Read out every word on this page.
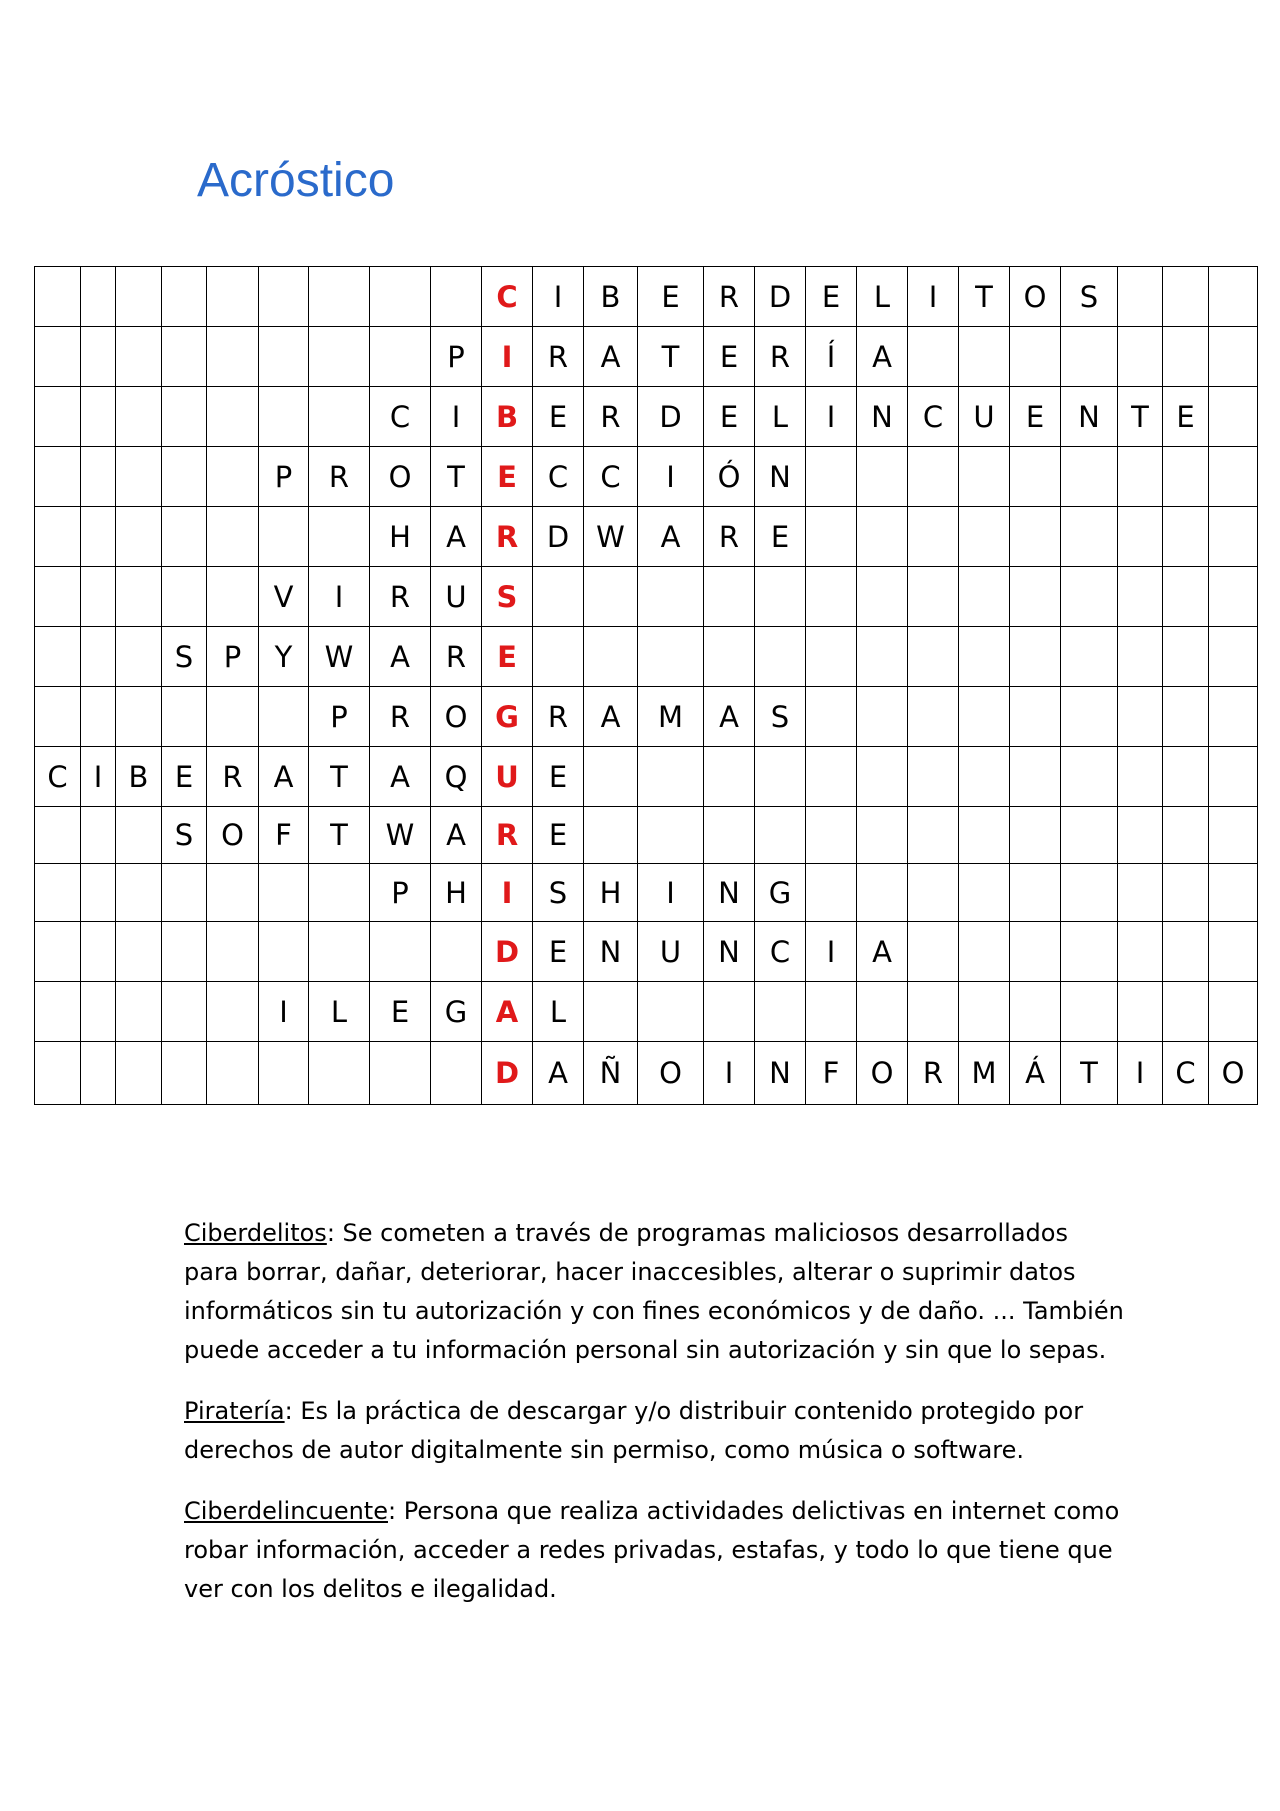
Acróstico
									C	I	B	E	R	D	E	L	I	T	O	S			
								P	I	R	A	T	E	R	Í	A							
							C	I	B	E	R	D	E	L	I	N	C	U	E	N	T	E	
					P	R	O	T	E	C	C	I	Ó	N									
							H	A	R	D	W	A	R	E									
					V	I	R	U	S														
			S	P	Y	W	A	R	E														
						P	R	O	G	R	A	M	A	S									
C	I	B	E	R	A	T	A	Q	U	E													
			S	O	F	T	W	A	R	E													
							P	H	I	S	H	I	N	G									
									D	E	N	U	N	C	I	A							
					I	L	E	G	A	L													
									D	A	Ñ	O	I	N	F	O	R	M	Á	T	I	C	O

Ciberdelitos: Se cometen a través de programas maliciosos desarrollados para borrar, dañar, deteriorar, hacer inaccesibles, alterar o suprimir datos informáticos sin tu autorización y con fines económicos y de daño. ... También puede acceder a tu información personal sin autorización y sin que lo sepas.

Piratería: Es la práctica de descargar y/o distribuir contenido protegido por derechos de autor digitalmente sin permiso, como música o software.

Ciberdelincuente: Persona que realiza actividades delictivas en internet como robar información, acceder a redes privadas, estafas, y todo lo que tiene que ver con los delitos e ilegalidad.
